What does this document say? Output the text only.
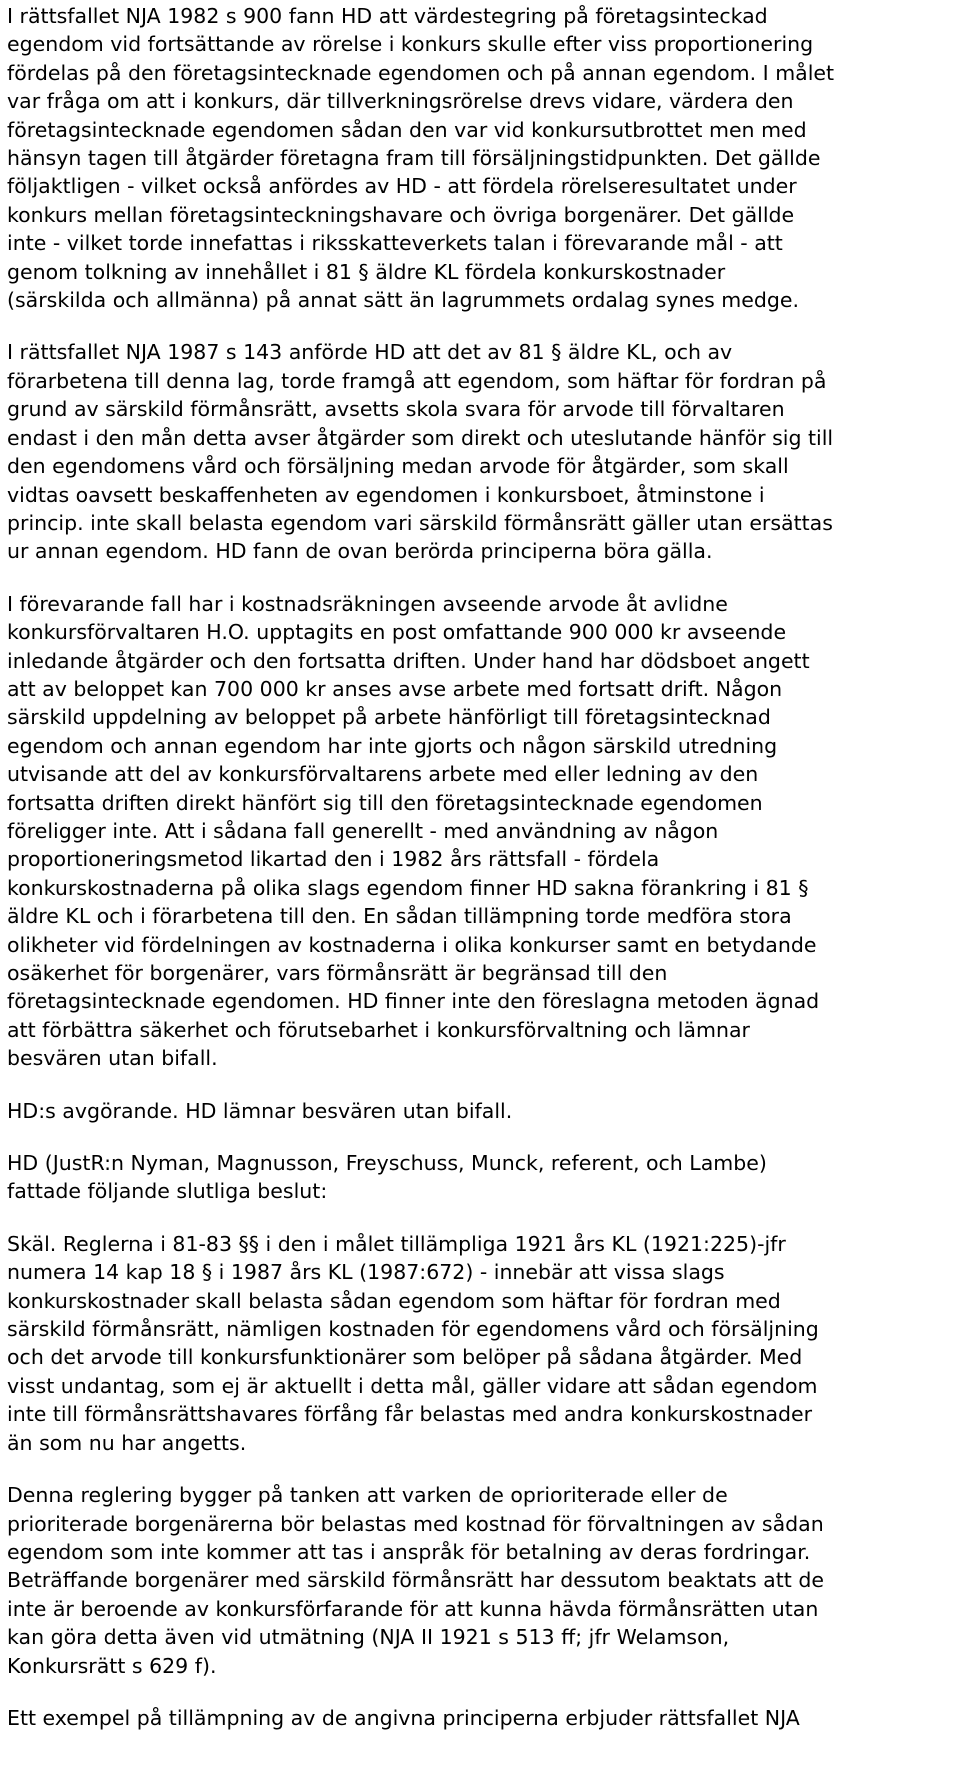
I rättsfallet NJA 1982 s 900 fann HD att värdestegring på företagsinteckad
egendom vid fortsättande av rörelse i konkurs skulle efter viss proportionering
fördelas på den företagsintecknade egendomen och på annan egendom. I målet
var fråga om att i konkurs, där tillverkningsrörelse drevs vidare, värdera den
företagsintecknade egendomen sådan den var vid konkursutbrottet men med
hänsyn tagen till åtgärder företagna fram till försäljningstidpunkten. Det gällde
följaktligen - vilket också anfördes av HD - att fördela rörelseresultatet under
konkurs mellan företagsinteckningshavare och övriga borgenärer. Det gällde
inte - vilket torde innefattas i riksskatteverkets talan i förevarande mål - att
genom tolkning av innehållet i 81 § äldre KL fördela konkurskostnader
(särskilda och allmänna) på annat sätt än lagrummets ordalag synes medge.

I rättsfallet NJA 1987 s 143 anförde HD att det av 81 § äldre KL, och av
förarbetena till denna lag, torde framgå att egendom, som häftar för fordran på
grund av särskild förmånsrätt, avsetts skola svara för arvode till förvaltaren
endast i den mån detta avser åtgärder som direkt och uteslutande hänför sig till
den egendomens vård och försäljning medan arvode för åtgärder, som skall
vidtas oavsett beskaffenheten av egendomen i konkursboet, åtminstone i
princip. inte skall belasta egendom vari särskild förmånsrätt gäller utan ersättas
ur annan egendom. HD fann de ovan berörda principerna böra gälla.

I förevarande fall har i kostnadsräkningen avseende arvode åt avlidne
konkursförvaltaren H.O. upptagits en post omfattande 900 000 kr avseende
inledande åtgärder och den fortsatta driften. Under hand har dödsboet angett
att av beloppet kan 700 000 kr anses avse arbete med fortsatt drift. Någon
särskild uppdelning av beloppet på arbete hänförligt till företagsintecknad
egendom och annan egendom har inte gjorts och någon särskild utredning
utvisande att del av konkursförvaltarens arbete med eller ledning av den
fortsatta driften direkt hänfört sig till den företagsintecknade egendomen
föreligger inte. Att i sådana fall generellt - med användning av någon
proportioneringsmetod likartad den i 1982 års rättsfall - fördela
konkurskostnaderna på olika slags egendom finner HD sakna förankring i 81 §
äldre KL och i förarbetena till den. En sådan tillämpning torde medföra stora
olikheter vid fördelningen av kostnaderna i olika konkurser samt en betydande
osäkerhet för borgenärer, vars förmånsrätt är begränsad till den
företagsintecknade egendomen. HD finner inte den föreslagna metoden ägnad
att förbättra säkerhet och förutsebarhet i konkursförvaltning och lämnar
besvären utan bifall.

HD:s avgörande. HD lämnar besvären utan bifall.

HD (JustR:n Nyman, Magnusson, Freyschuss, Munck, referent, och Lambe)
fattade följande slutliga beslut:

Skäl. Reglerna i 81-83 §§ i den i målet tillämpliga 1921 års KL (1921:225)-jfr
numera 14 kap 18 § i 1987 års KL (1987:672) - innebär att vissa slags
konkurskostnader skall belasta sådan egendom som häftar för fordran med
särskild förmånsrätt, nämligen kostnaden för egendomens vård och försäljning
och det arvode till konkursfunktionärer som belöper på sådana åtgärder. Med
visst undantag, som ej är aktuellt i detta mål, gäller vidare att sådan egendom
inte till förmånsrättshavares förfång får belastas med andra konkurskostnader
än som nu har angetts.

Denna reglering bygger på tanken att varken de oprioriterade eller de
prioriterade borgenärerna bör belastas med kostnad för förvaltningen av sådan
egendom som inte kommer att tas i anspråk för betalning av deras fordringar.
Beträffande borgenärer med särskild förmånsrätt har dessutom beaktats att de
inte är beroende av konkursförfarande för att kunna hävda förmånsrätten utan
kan göra detta även vid utmätning (NJA II 1921 s 513 ff; jfr Welamson,
Konkursrätt s 629 f).

Ett exempel på tillämpning av de angivna principerna erbjuder rättsfallet NJA
